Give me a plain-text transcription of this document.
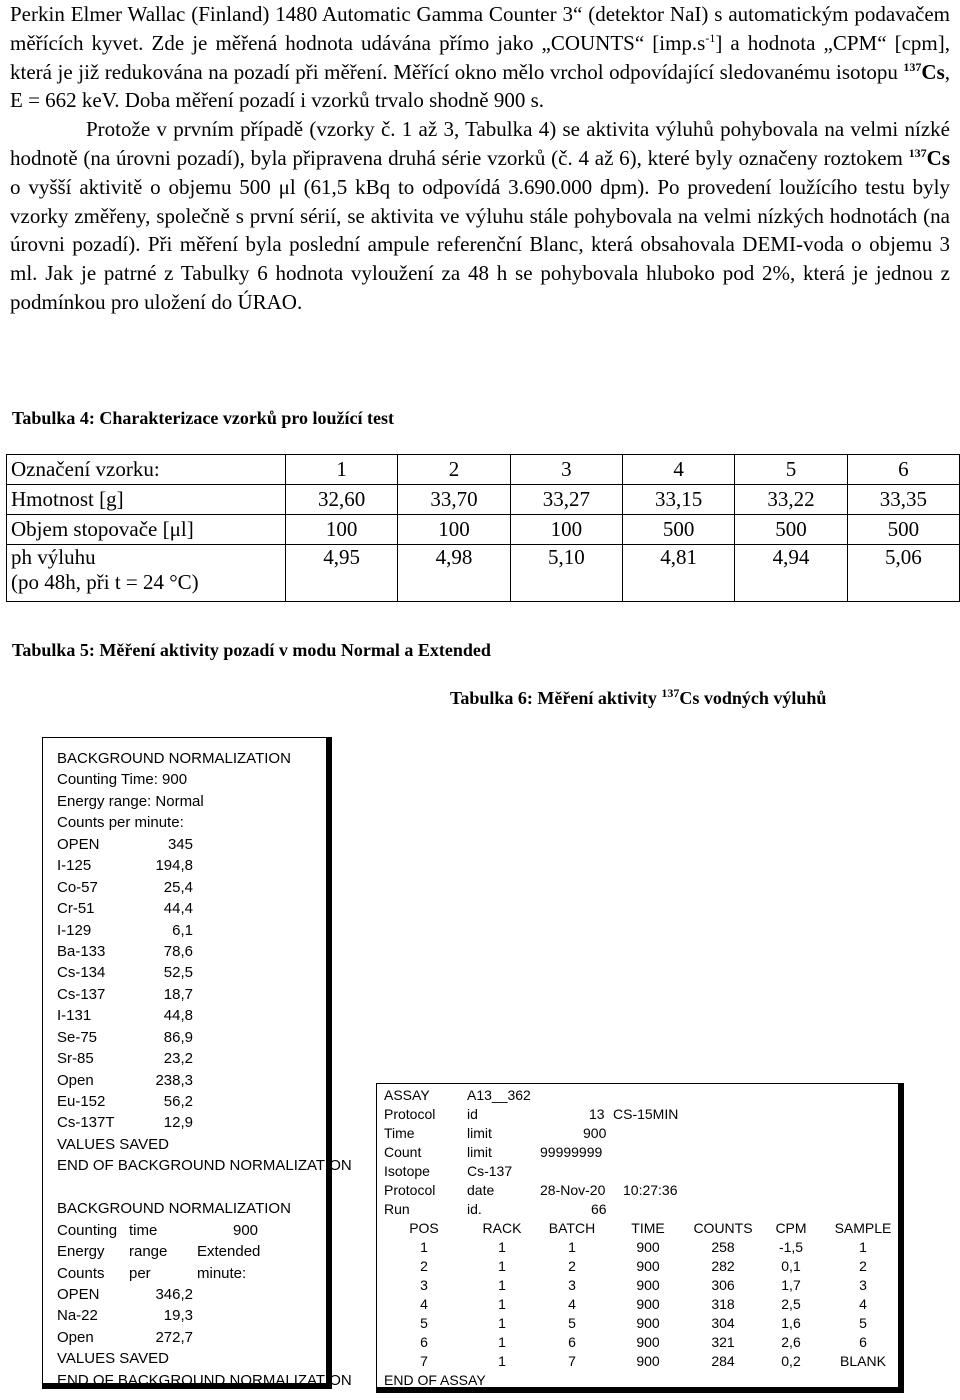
Perkin Elmer Wallac (Finland) 1480 Automatic Gamma Counter 3“ (detektor NaI) s automatickým podavačem měřících kyvet. Zde je měřená hodnota udávána přímo jako „COUNTS“ $[imp.s^{-1}]$ a hodnota „CPM“ [cpm], která je již redukována na pozadí při měření. Měřící okno mělo vrchol odpovídající sledovanému isotopu $^{137}$Cs, E = 662 keV. Doba měření pozadí i vzorků trvalo shodně 900 s.

Protože v prvním případě (vzorky č. 1 až 3, Tabulka 4) se aktivita výluhů pohybovala na velmi nízké hodnotě (na úrovni pozadí), byla připravena druhá série vzorků (č. 4 až 6), které byly označeny roztokem $^{137}$Cs o vyšší aktivitě o objemu 500 μl (61,5 kBq to odpovídá 3.690.000 dpm). Po provedení loužícího testu byly vzorky změřeny, společně s první sérií, se aktivita ve výluhu stále pohybovala na velmi nízkých hodnotách (na úrovni pozadí). Při měření byla poslední ampule referenční Blanc, která obsahovala DEMI-voda o objemu 3 ml. Jak je patrné z Tabulky 6 hodnota vyloužení za 48 h se pohybovala hluboko pod 2%, která je jednou z podmínkou pro uložení do ÚRAO.

Tabulka 4: Charakterizace vzorků pro loužící test
Označení vzorku:	1	2	3	4	5	6
Hmotnost [g]	32,60	33,70	33,27	33,15	33,22	33,35
Objem stopovače [μl]	100	100	100	500	500	500

ph výluhu
(po 48h, při t = 24 °C)	4,95	4,98	5,10	4,81	4,94	5,06
Tabulka 5: Měření aktivity pozadí v modu Normal a Extended
Tabulka 6: Měření aktivity $^{137}$Cs vodných výluhů
BACKGROUND NORMALIZATION
Counting Time: 900
Energy range: Normal
Counts per minute:
OPEN	345
I-125	194,8
Co-57	25,4
Cr-51	44,4
I-129	6,1
Ba-133	78,6
Cs-134	52,5
Cs-137	18,7
I-131	44,8
Se-75	86,9
Sr-85	23,2
Open	238,3
Eu-152	56,2
Cs-137T	12,9
VALUES SAVED
END OF BACKGROUND NORMALIZATION
BACKGROUND NORMALIZATION
Counting time	900
Energy range Extended
Counts per	minute:
OPEN	346,2
Na-22	19,3
Open	272,7
VALUES SAVED
END OF BACKGROUND NORMALIZATION
ASSAY	A13__362
Protocol id	13 CS-15MIN
Time	limit	900
Count	limit	99999999
Isotope	Cs-137
Protocol date	28-Nov-20 10:27:36
Run	id.	66
POS	RACK	BATCH	TIME	COUNTS	CPM	SAMPLE
1	1	1	900	258	-1,5	1
2	1	2	900	282	0,1	2
3	1	3	900	306	1,7	3
4	1	4	900	318	2,5	4
5	1	5	900	304	1,6	5
6	1	6	900	321	2,6	6
7	1	7	900	284	0,2	BLANK
END OF ASSAY
